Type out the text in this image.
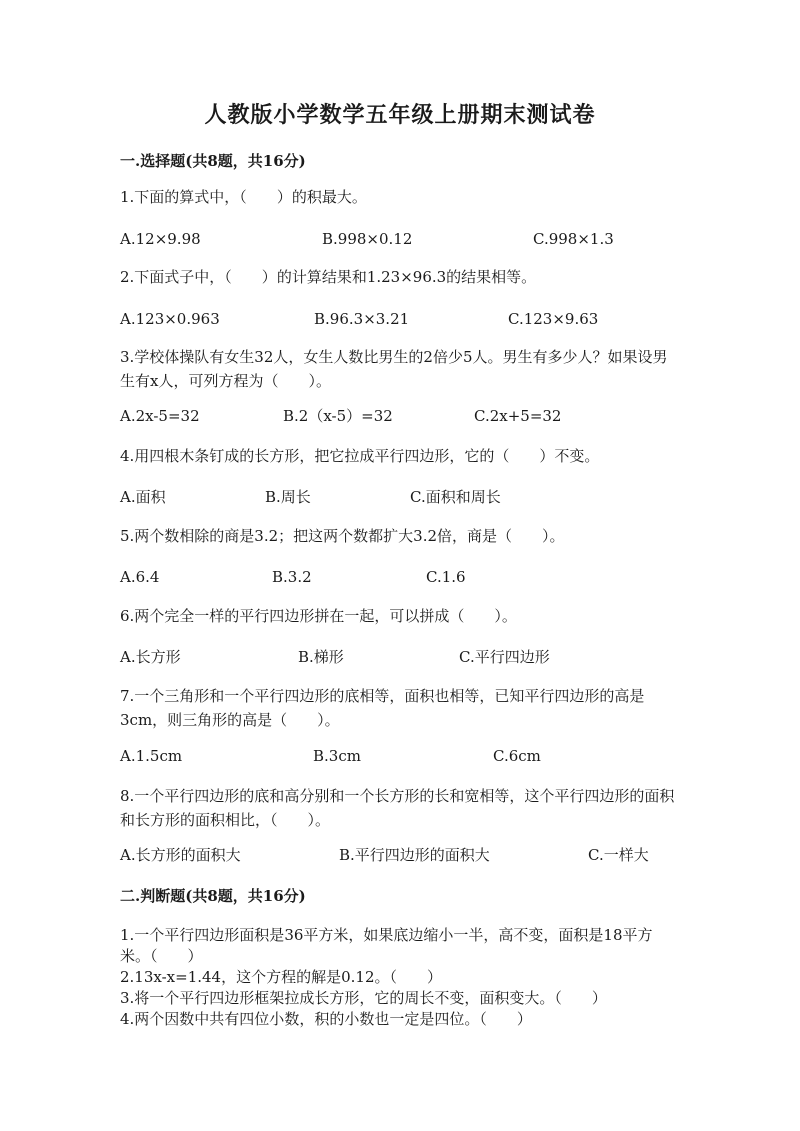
人教版小学数学五年级上册期末测试卷
一.选择题(共8题，共16分)
1.下面的算式中，（　　）的积最大。
A.12×9.98	B.998×0.12	C.998×1.3
2.下面式子中，（　　）的计算结果和1.23×96.3的结果相等。
A.123×0.963	B.96.3×3.21	C.123×9.63
3.学校体操队有女生32人，女生人数比男生的2倍少5人。男生有多少人？如果设男生有x人，可列方程为（　　）。
A.2x-5=32	B.2（x-5）=32	C.2x+5=32
4.用四根木条钉成的长方形，把它拉成平行四边形，它的（　　）不变。
A.面积	B.周长	C.面积和周长
5.两个数相除的商是3.2；把这两个数都扩大3.2倍，商是（　　）。
A.6.4	B.3.2	C.1.6
6.两个完全一样的平行四边形拼在一起，可以拼成（　　）。
A.长方形	B.梯形	C.平行四边形
7.一个三角形和一个平行四边形的底相等，面积也相等，已知平行四边形的高是3cm，则三角形的高是（　　）。
A.1.5cm	B.3cm	C.6cm
8.一个平行四边形的底和高分别和一个长方形的长和宽相等，这个平行四边形的面积和长方形的面积相比，（　　）。
A.长方形的面积大	B.平行四边形的面积大	C.一样大
二.判断题(共8题，共16分)
1.一个平行四边形面积是36平方米，如果底边缩小一半，高不变，面积是18平方米。（　　）
2.13x-x=1.44，这个方程的解是0.12。（　　）
3.将一个平行四边形框架拉成长方形，它的周长不变，面积变大。（　　）
4.两个因数中共有四位小数，积的小数也一定是四位。（　　）
